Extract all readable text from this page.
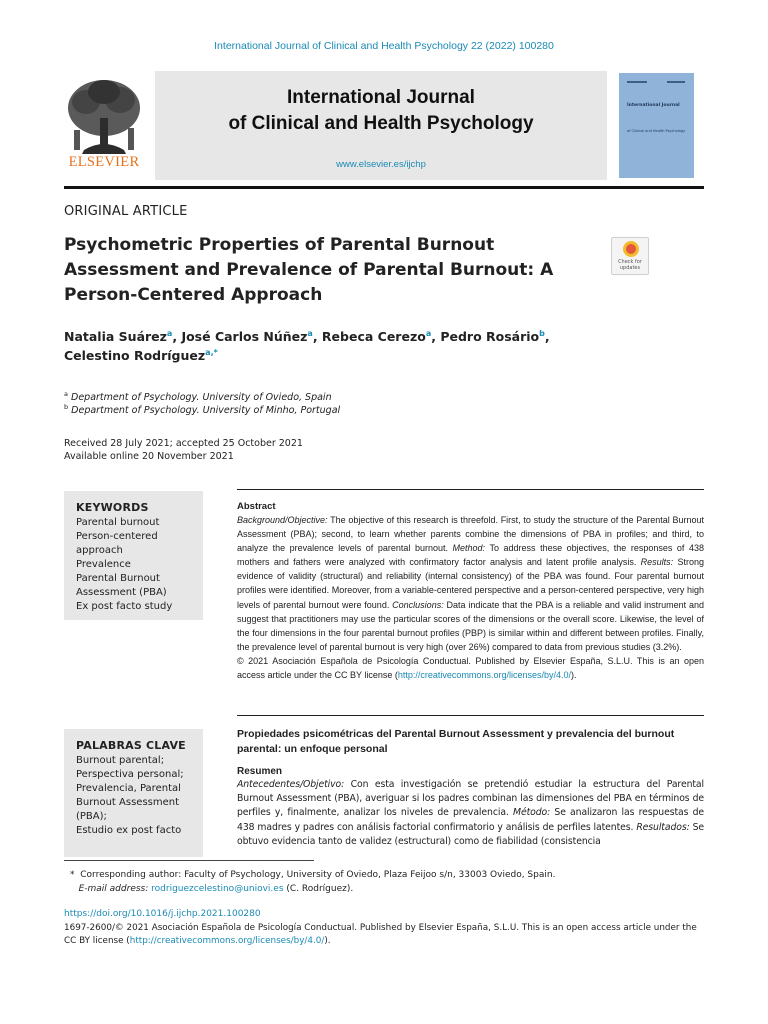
International Journal of Clinical and Health Psychology 22 (2022) 100280
ELSEVIER
International Journal
of Clinical and Health Psychology
www.elsevier.es/ijchp
International Journal
of Clinical and Health Psychology
ORIGINAL ARTICLE
Psychometric Properties of Parental Burnout Assessment and Prevalence of Parental Burnout: A Person-Centered Approach
Check for updates
Natalia Suárez$^a$, José Carlos Núñez$^a$, Rebeca Cerezo$^a$, Pedro Rosário$^b$,
Celestino Rodríguez$^{a,*}$
$^a$ Department of Psychology. University of Oviedo, Spain
$^b$ Department of Psychology. University of Minho, Portugal
Received 28 July 2021; accepted 25 October 2021
Available online 20 November 2021
KEYWORDS
Parental burnout
Person-centered
approach
Prevalence
Parental Burnout
Assessment (PBA)
Ex post facto study
Abstract
Background/Objective: The objective of this research is threefold. First, to study the structure of the Parental Burnout Assessment (PBA); second, to learn whether parents combine the dimensions of PBA in profiles; and third, to analyze the prevalence levels of parental burnout. Method: To address these objectives, the responses of 438 mothers and fathers were analyzed with confirmatory factor analysis and latent profile analysis. Results: Strong evidence of validity (structural) and reliability (internal consistency) of the PBA was found. Four parental burnout profiles were identified. Moreover, from a variable-centered perspective and a person-centered perspective, very high levels of parental burnout were found. Conclusions: Data indicate that the PBA is a reliable and valid instrument and suggest that practitioners may use the particular scores of the dimensions or the overall score. Likewise, the level of the four dimensions in the four parental burnout profiles (PBP) is similar within and different between profiles. Finally, the prevalence level of parental burnout is very high (over 26%) compared to data from previous studies (3.2%).
© 2021 Asociación Española de Psicología Conductual. Published by Elsevier España, S.L.U. This is an open access article under the CC BY license (http://creativecommons.org/licenses/by/4.0/).
PALABRAS CLAVE
Burnout parental;
Perspectiva personal;
Prevalencia, Parental
Burnout Assessment
(PBA);
Estudio ex post facto
Propiedades psicométricas del Parental Burnout Assessment y prevalencia del burnout parental: un enfoque personal
Resumen
Antecedentes/Objetivo: Con esta investigación se pretendió estudiar la estructura del Parental Burnout Assessment (PBA), averiguar si los padres combinan las dimensiones del PBA en términos de perfiles y, finalmente, analizar los niveles de prevalencia. Método: Se analizaron las respuestas de 438 madres y padres con análisis factorial confirmatorio y análisis de perfiles latentes. Resultados: Se obtuvo evidencia tanto de validez (estructural) como de fiabilidad (consistencia
*  Corresponding author: Faculty of Psychology, University of Oviedo, Plaza Feijoo s/n, 33003 Oviedo, Spain.
E-mail address: rodriguezcelestino@uniovi.es (C. Rodríguez).
https://doi.org/10.1016/j.ijchp.2021.100280
1697-2600/© 2021 Asociación Española de Psicología Conductual. Published by Elsevier España, S.L.U. This is an open access article under the CC BY license (http://creativecommons.org/licenses/by/4.0/).
